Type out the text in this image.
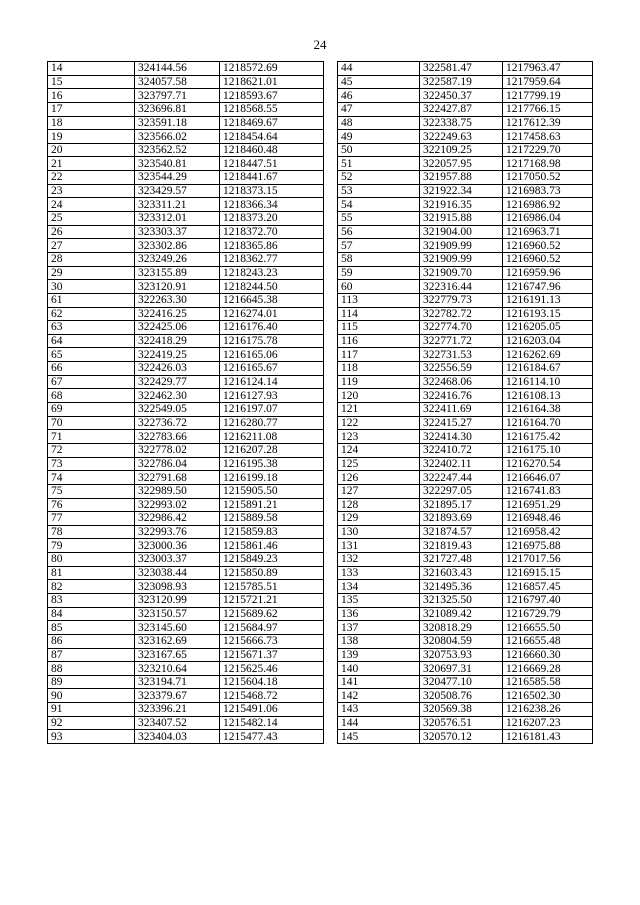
24
14	324144.56	1218572.69		44	322581.47	1217963.47
15	324057.58	1218621.01		45	322587.19	1217959.64
16	323797.71	1218593.67		46	322450.37	1217799.19
17	323696.81	1218568.55		47	322427.87	1217766.15
18	323591.18	1218469.67		48	322338.75	1217612.39
19	323566.02	1218454.64		49	322249.63	1217458.63
20	323562.52	1218460.48		50	322109.25	1217229.70
21	323540.81	1218447.51		51	322057.95	1217168.98
22	323544.29	1218441.67		52	321957.88	1217050.52
23	323429.57	1218373.15		53	321922.34	1216983.73
24	323311.21	1218366.34		54	321916.35	1216986.92
25	323312.01	1218373.20		55	321915.88	1216986.04
26	323303.37	1218372.70		56	321904.00	1216963.71
27	323302.86	1218365.86		57	321909.99	1216960.52
28	323249.26	1218362.77		58	321909.99	1216960.52
29	323155.89	1218243.23		59	321909.70	1216959.96
30	323120.91	1218244.50		60	322316.44	1216747.96
61	322263.30	1216645.38		113	322779.73	1216191.13
62	322416.25	1216274.01		114	322782.72	1216193.15
63	322425.06	1216176.40		115	322774.70	1216205.05
64	322418.29	1216175.78		116	322771.72	1216203.04
65	322419.25	1216165.06		117	322731.53	1216262.69
66	322426.03	1216165.67		118	322556.59	1216184.67
67	322429.77	1216124.14		119	322468.06	1216114.10
68	322462.30	1216127.93		120	322416.76	1216108.13
69	322549.05	1216197.07		121	322411.69	1216164.38
70	322736.72	1216280.77		122	322415.27	1216164.70
71	322783.66	1216211.08		123	322414.30	1216175.42
72	322778.02	1216207.28		124	322410.72	1216175.10
73	322786.04	1216195.38		125	322402.11	1216270.54
74	322791.68	1216199.18		126	322247.44	1216646.07
75	322989.50	1215905.50		127	322297.05	1216741.83
76	322993.02	1215891.21		128	321895.17	1216951.29
77	322986.42	1215889.58		129	321893.69	1216948.46
78	322993.76	1215859.83		130	321874.57	1216958.42
79	323000.36	1215861.46		131	321819.43	1216975.88
80	323003.37	1215849.23		132	321727.48	1217017.56
81	323038.44	1215850.89		133	321603.43	1216915.15
82	323098.93	1215785.51		134	321495.36	1216857.45
83	323120.99	1215721.21		135	321325.50	1216797.40
84	323150.57	1215689.62		136	321089.42	1216729.79
85	323145.60	1215684.97		137	320818.29	1216655.50
86	323162.69	1215666.73		138	320804.59	1216655.48
87	323167.65	1215671.37		139	320753.93	1216660.30
88	323210.64	1215625.46		140	320697.31	1216669.28
89	323194.71	1215604.18		141	320477.10	1216585.58
90	323379.67	1215468.72		142	320508.76	1216502.30
91	323396.21	1215491.06		143	320569.38	1216238.26
92	323407.52	1215482.14		144	320576.51	1216207.23
93	323404.03	1215477.43		145	320570.12	1216181.43
